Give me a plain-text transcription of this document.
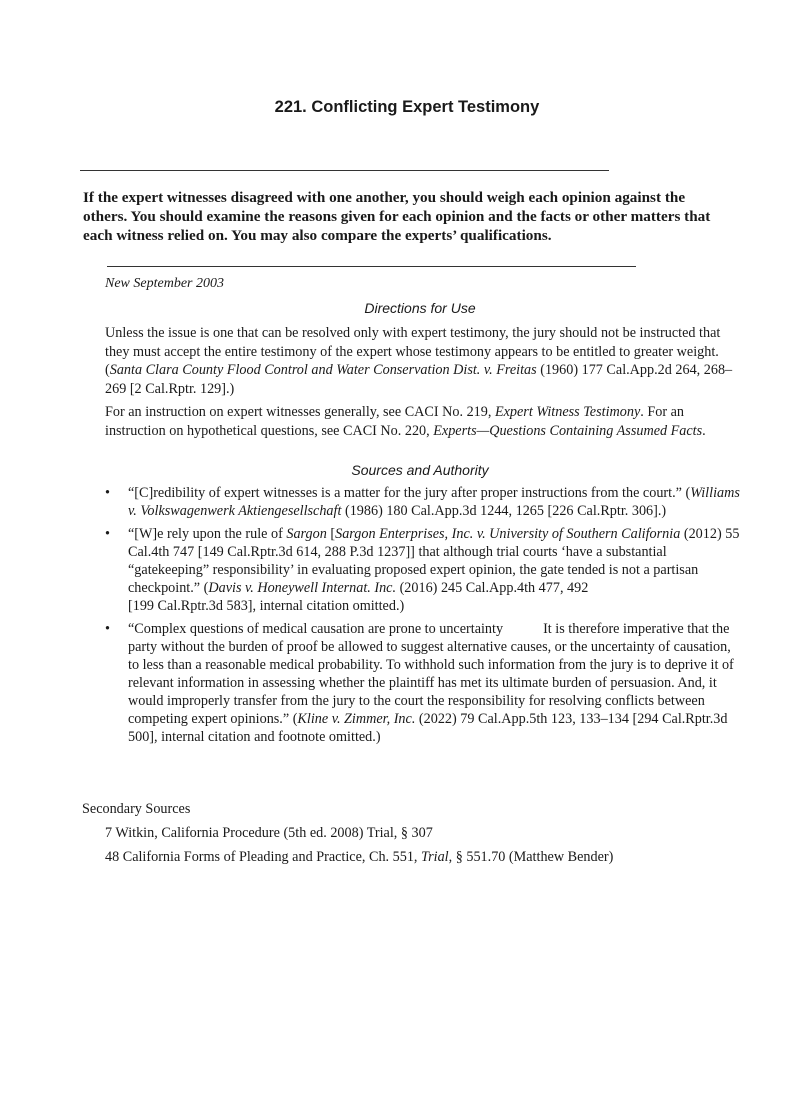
221. Conflicting Expert Testimony
If the expert witnesses disagreed with one another, you should weigh each opinion against the others. You should examine the reasons given for each opinion and the facts or other matters that each witness relied on. You may also compare the experts’ qualifications.
New September 2003
Directions for Use

Unless the issue is one that can be resolved only with expert testimony, the jury should not be instructed that they must accept the entire testimony of the expert whose testimony appears to be entitled to greater weight. (Santa Clara County Flood Control and Water Conservation Dist. v. Freitas (1960) 177 Cal.App.2d 264, 268–269 [2 Cal.Rptr. 129].)

For an instruction on expert witnesses generally, see CACI No. 219, Expert Witness Testimony. For an instruction on hypothetical questions, see CACI No. 220, Experts—Questions Containing Assumed Facts.

Sources and Authority
• “[C]redibility of expert witnesses is a matter for the jury after proper instructions from the court.” (Williams v. Volkswagenwerk Aktiengesellschaft (1986) 180 Cal.App.3d 1244, 1265 [226 Cal.Rptr. 306].)
• “[W]e rely upon the rule of Sargon [Sargon Enterprises, Inc. v. University of Southern California (2012) 55 Cal.4th 747 [149 Cal.Rptr.3d 614, 288 P.3d 1237]] that although trial courts ‘have a substantial “gatekeeping” responsibility’ in evaluating proposed expert opinion, the gate tended is not a partisan checkpoint.” (Davis v. Honeywell Internat. Inc. (2016) 245 Cal.App.4th 477, 492
[199 Cal.Rptr.3d 583], internal citation omitted.)
• “Complex questions of medical causation are prone to uncertainty	It is therefore imperative that the party without the burden of proof be allowed to suggest alternative causes, or the uncertainty of causation, to less than a reasonable medical probability. To withhold such information from the jury is to deprive it of relevant information in assessing whether the plaintiff has met its ultimate burden of persuasion. And, it would improperly transfer from the jury to the court the responsibility for resolving conflicts between competing expert opinions.” (Kline v. Zimmer, Inc. (2022) 79 Cal.App.5th 123, 133–134 [294 Cal.Rptr.3d 500], internal citation and footnote omitted.)
Secondary Sources
7 Witkin, California Procedure (5th ed. 2008) Trial, § 307
48 California Forms of Pleading and Practice, Ch. 551, Trial, § 551.70 (Matthew Bender)
